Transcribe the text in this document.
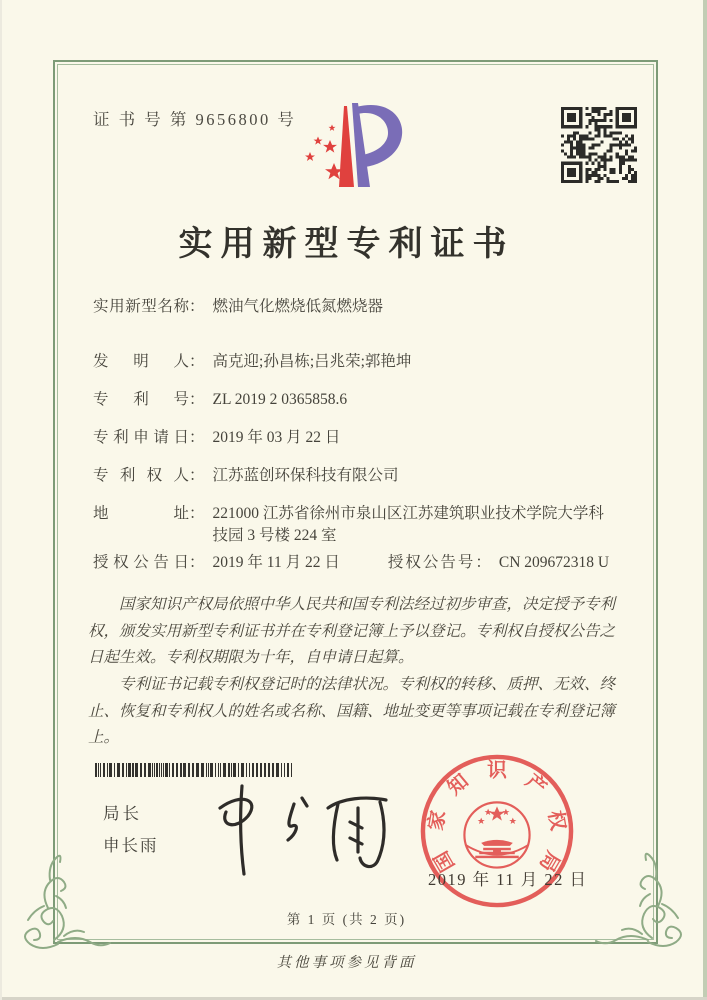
证 书 号 第 9656800 号
实用新型专利证书
实用新型名称 ： 燃油气化燃烧低氮燃烧器
发明人 ： 高克迎;孙昌栋;吕兆荣;郭艳坤
专利号 ： ZL 2019 2 0365858.6
专利申请日 ： 2019 年 03 月 22 日
专利权人 ： 江苏蓝创环保科技有限公司
地址 ： 221000 江苏省徐州市泉山区江苏建筑职业技术学院大学科技园 3 号楼 224 室
授权公告日 ： 2019 年 11 月 22 日	授权公告号 ： CN 209672318 U

国家知识产权局依照中华人民共和国专利法经过初步审查，决定授予专利权，颁发实用新型专利证书并在专利登记簿上予以登记。专利权自授权公告之日起生效。专利权期限为十年，自申请日起算。

专利证书记载专利权登记时的法律状况。专利权的转移、质押、无效、终止、恢复和专利权人的姓名或名称、国籍、地址变更等事项记载在专利登记簿上。

局长
申长雨
国
家
知 识 产
权
局
2019 年 11 月 22 日
第 1 页 (共 2 页)
其他事项参见背面
